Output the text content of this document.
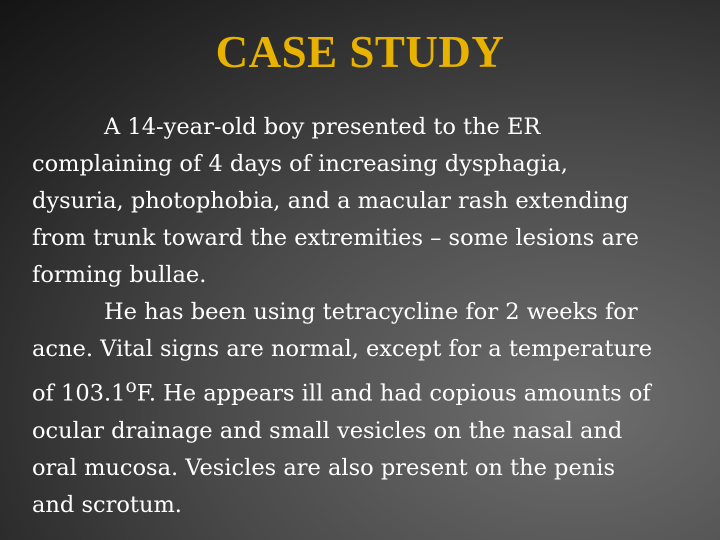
CASE STUDY
A 14-year-old boy presented to the ER
complaining of 4 days of increasing dysphagia,
dysuria, photophobia, and a macular rash extending
from trunk toward the extremities – some lesions are
forming bullae.
He has been using tetracycline for 2 weeks for
acne. Vital signs are normal, except for a temperature
of 103.1$^o$F. He appears ill and had copious amounts of
ocular drainage and small vesicles on the nasal and
oral mucosa. Vesicles are also present on the penis
and scrotum.
